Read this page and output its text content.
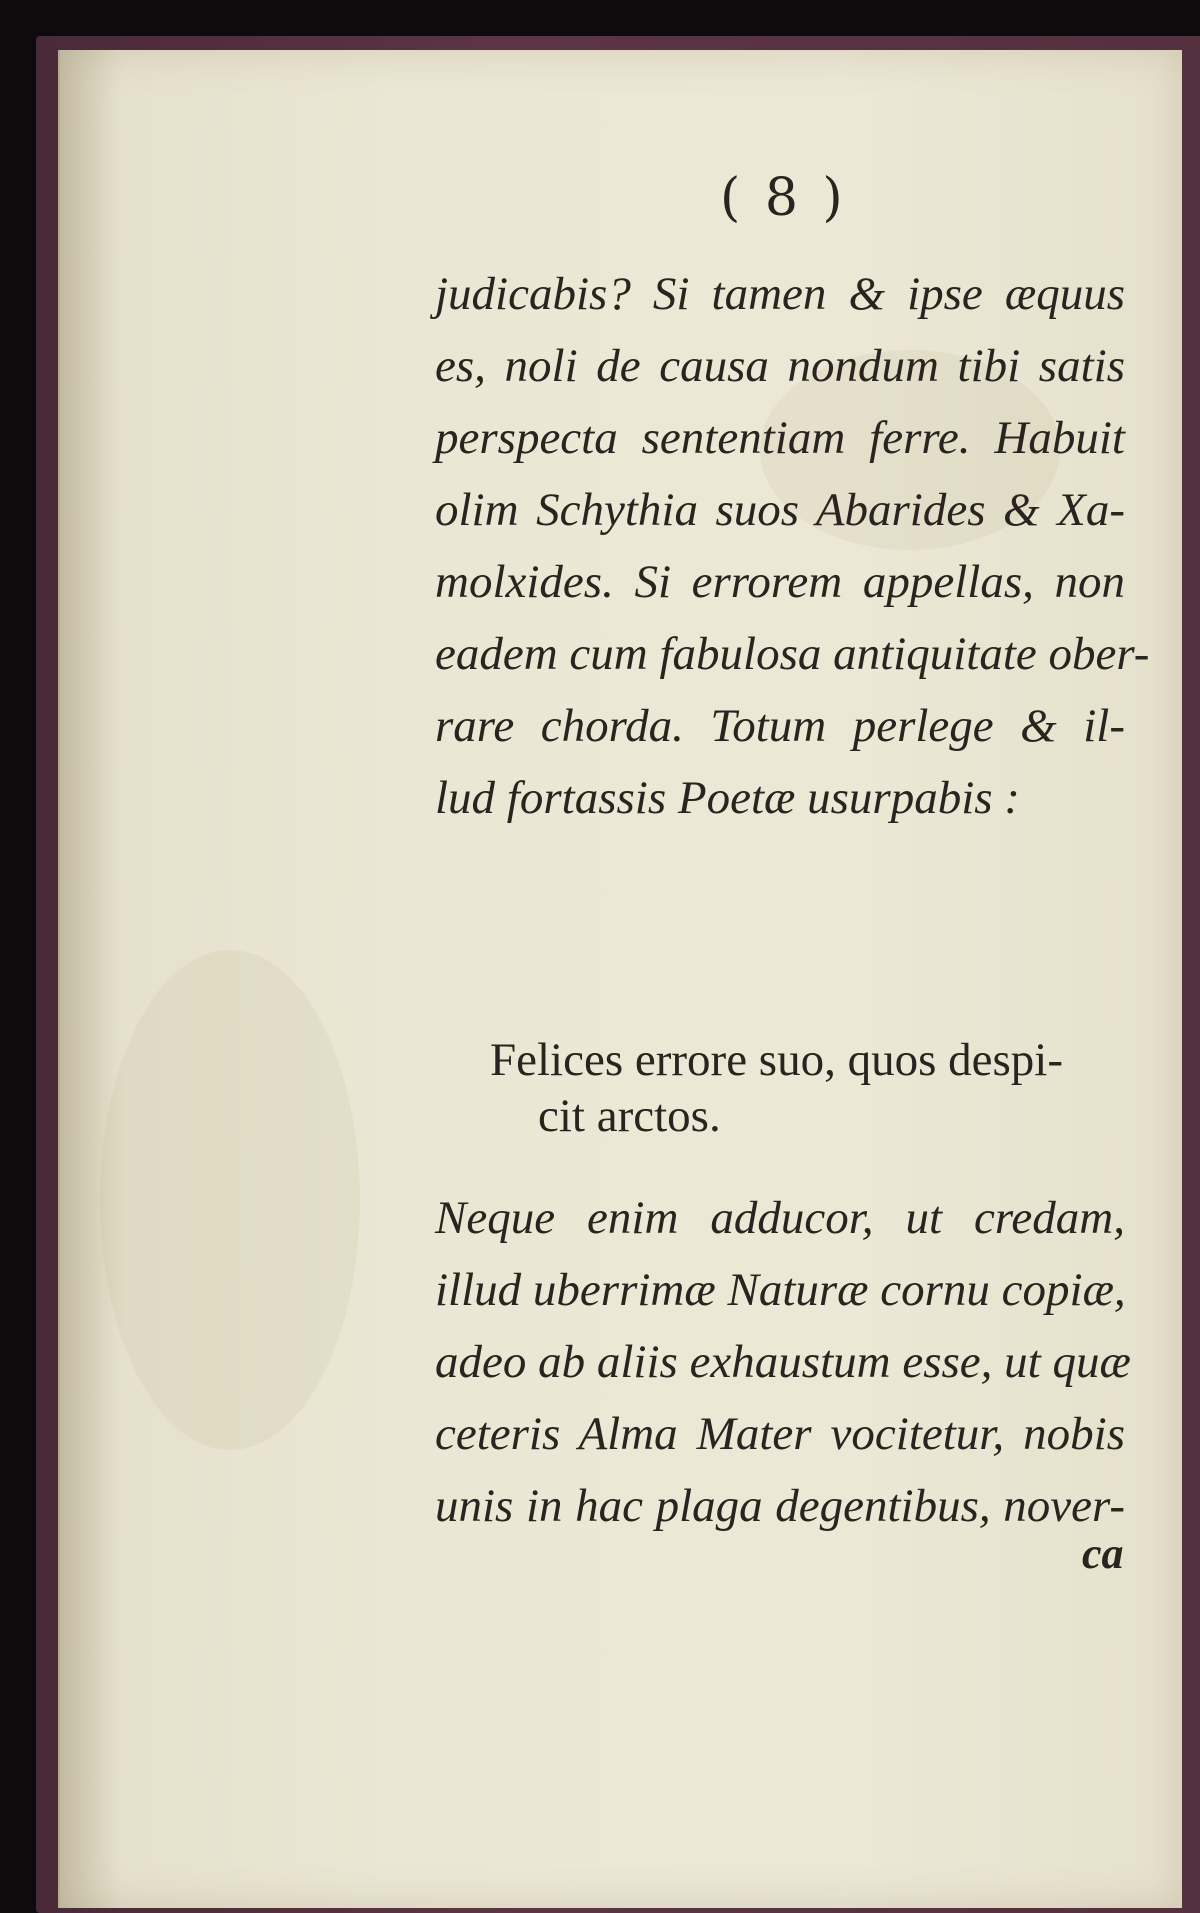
( 8 )
judicabis? Si tamen & ipse æquus
es, noli de causa nondum tibi satis
perspecta sententiam ferre. Habuit
olim Schythia suos Abarides & Xa-
molxides. Si errorem appellas, non
eadem cum fabulosa antiquitate ober-
rare chorda. Totum perlege & il-
lud fortassis Poetæ usurpabis :
Felices errore suo, quos despi-
cit arctos.
Neque enim adducor, ut credam,
illud uberrimæ Naturæ cornu copiæ,
adeo ab aliis exhaustum esse, ut quæ
ceteris Alma Mater vocitetur, nobis
unis in hac plaga degentibus, nover-
ca
